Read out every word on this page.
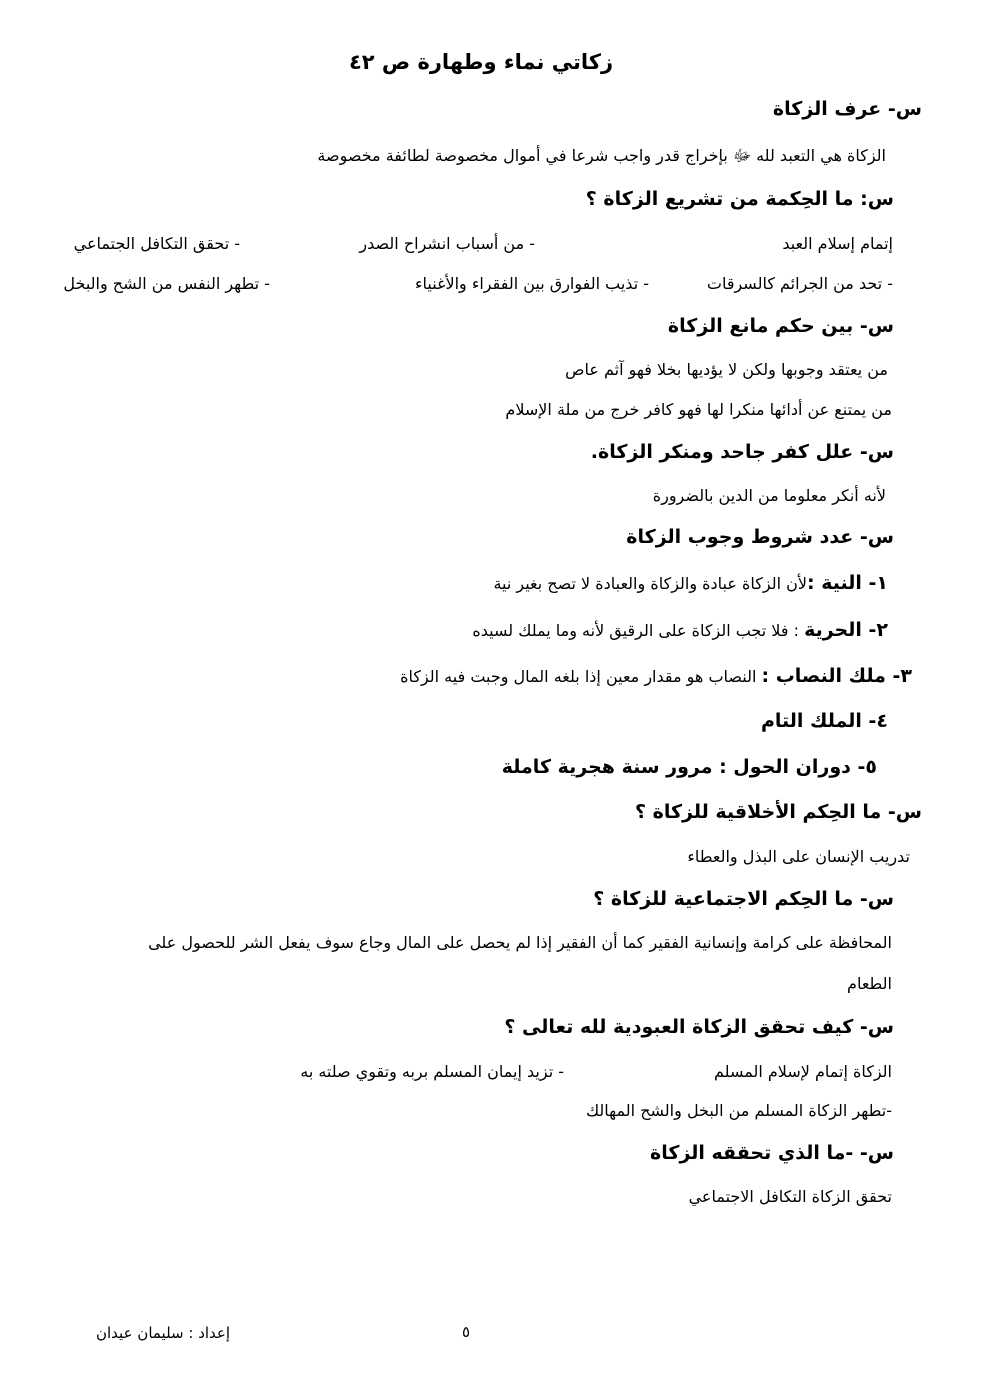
زكاتي نماء وطهارة ص ٤٢
س- عرف الزكاة
الزكاة هي التعبد لله ﷻ بإخراج قدر واجب شرعا في أموال مخصوصة لطائفة مخصوصة
س: ما الحِكمة من تشريع الزكاة ؟
إتمام إسلام العبد
- من أسباب انشراح الصدر
- تحقق التكافل الجتماعي
- تحد من الجرائم كالسرقات
- تذيب الفوارق بين الفقراء والأغنياء
- تطهر النفس من الشح والبخل
س- بين حكم مانع الزكاة
من يعتقد وجوبها ولكن لا يؤديها بخلا فهو آثم عاص
من يمتنع عن أدائها منكرا لها فهو كافر خرج من ملة الإسلام
س- علل كفر جاحد ومنكر الزكاة.
لأنه أنكر معلوما من الدين بالضرورة
س- عدد شروط وجوب الزكاة
١- النية :لأن الزكاة عبادة والزكاة والعبادة لا تصح بغير نية
٢- الحرية : فلا تجب الزكاة على الرقيق لأنه وما يملك لسيده
٣- ملك النصاب : النصاب هو مقدار معين إذا بلغه المال وجبت فيه الزكاة
٤- الملك التام
٥- دوران الحول : مرور سنة هجرية كاملة
س- ما الحِكم الأخلاقية للزكاة ؟
تدريب الإنسان على البذل والعطاء
س- ما الحِكم الاجتماعية للزكاة ؟
المحافظة على كرامة وإنسانية الفقير كما أن الفقير إذا لم يحصل على المال وجاع سوف يفعل الشر للحصول على
الطعام
س- كيف تحقق الزكاة العبودية لله تعالى ؟
الزكاة إتمام لإسلام المسلم
- تزيد إيمان المسلم بربه وتقوي صلته به
-تطهر الزكاة المسلم من البخل والشح المهالك
س- -ما الذي تحققه الزكاة
تحقق الزكاة التكافل الاجتماعي
٥
إعداد : سليمان عيدان
